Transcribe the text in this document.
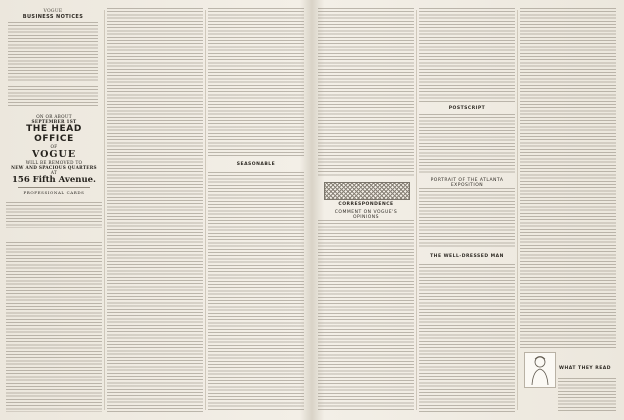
VOGUE
BUSINESS NOTICES
ON OR ABOUT
SEPTEMBER 1ST
THE HEAD OFFICE
OF
VOGUE
WILL BE REMOVED TO
NEW AND SPACIOUS QUARTERS
AT
156 Fifth Avenue.
PROFESSIONAL CARDS
SEASONABLE
CORRESPONDENCE
COMMENT ON VOGUE'S OPINIONS
POSTSCRIPT
PORTRAIT OF THE ATLANTA EXPOSITION
THE WELL-DRESSED MAN
WHAT THEY READ
